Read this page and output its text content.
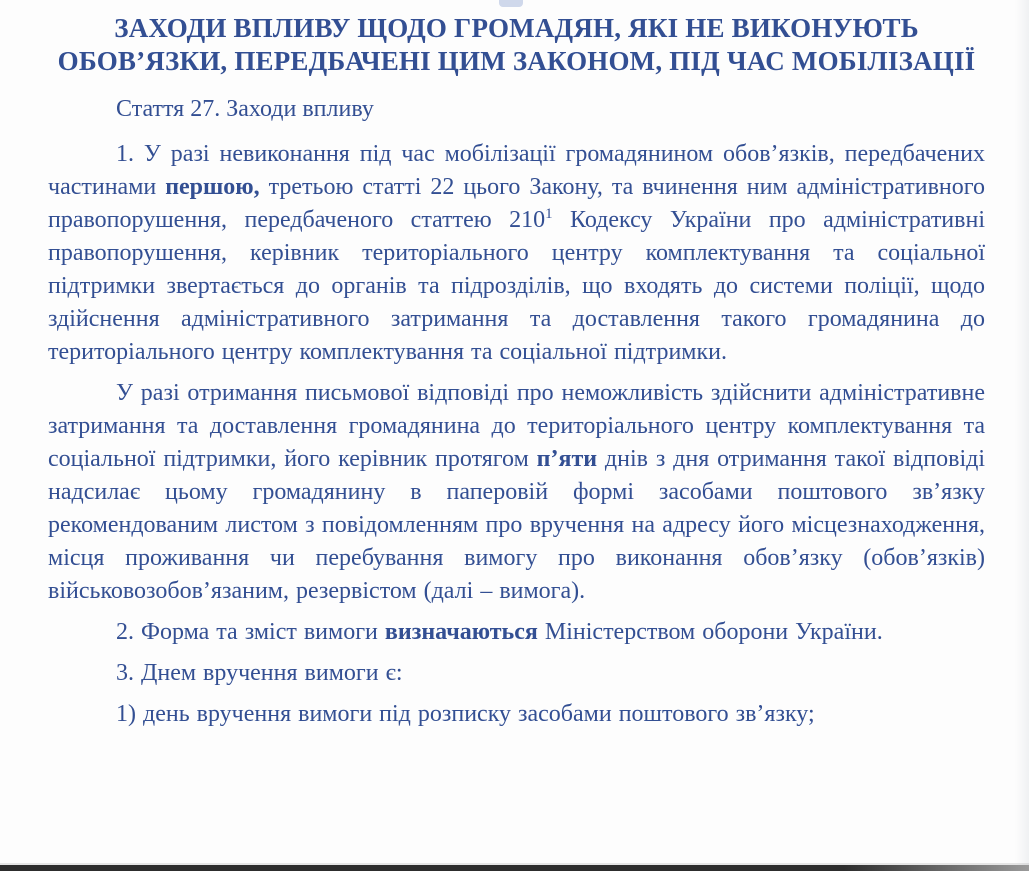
ЗАХОДИ ВПЛИВУ ЩОДО ГРОМАДЯН, ЯКІ НЕ ВИКОНУЮТЬ
ОБОВ’ЯЗКИ, ПЕРЕДБАЧЕНІ ЦИМ ЗАКОНОМ, ПІД ЧАС МОБІЛІЗАЦІЇ
Стаття 27. Заходи впливу

1. У разі невиконання під час мобілізації громадянином обов’язків, передбачених частинами першою, третьою статті 22 цього Закону, та вчинення ним адміністративного правопорушення, передбаченого статтею $210^1$ Кодексу України про адміністративні правопорушення, керівник територіального центру комплектування та соціальної підтримки звертається до органів та підрозділів, що входять до системи поліції, щодо здійснення адміністративного затримання та доставлення такого громадянина до територіального центру комплектування та соціальної підтримки.

У разі отримання письмової відповіді про неможливість здійснити адміністративне затримання та доставлення громадянина до територіального центру комплектування та соціальної підтримки, його керівник протягом п’яти днів з дня отримання такої відповіді надсилає цьому громадянину в паперовій формі засобами поштового зв’язку рекомендованим листом з повідомленням про вручення на адресу його місцезнаходження, місця проживання чи перебування вимогу про виконання обов’язку (обов’язків) військовозобов’язаним, резервістом (далі – вимога).

2. Форма та зміст вимоги визначаються Міністерством оборони України.

3. Днем вручення вимоги є:

1) день вручення вимоги під розписку засобами поштового зв’язку;
